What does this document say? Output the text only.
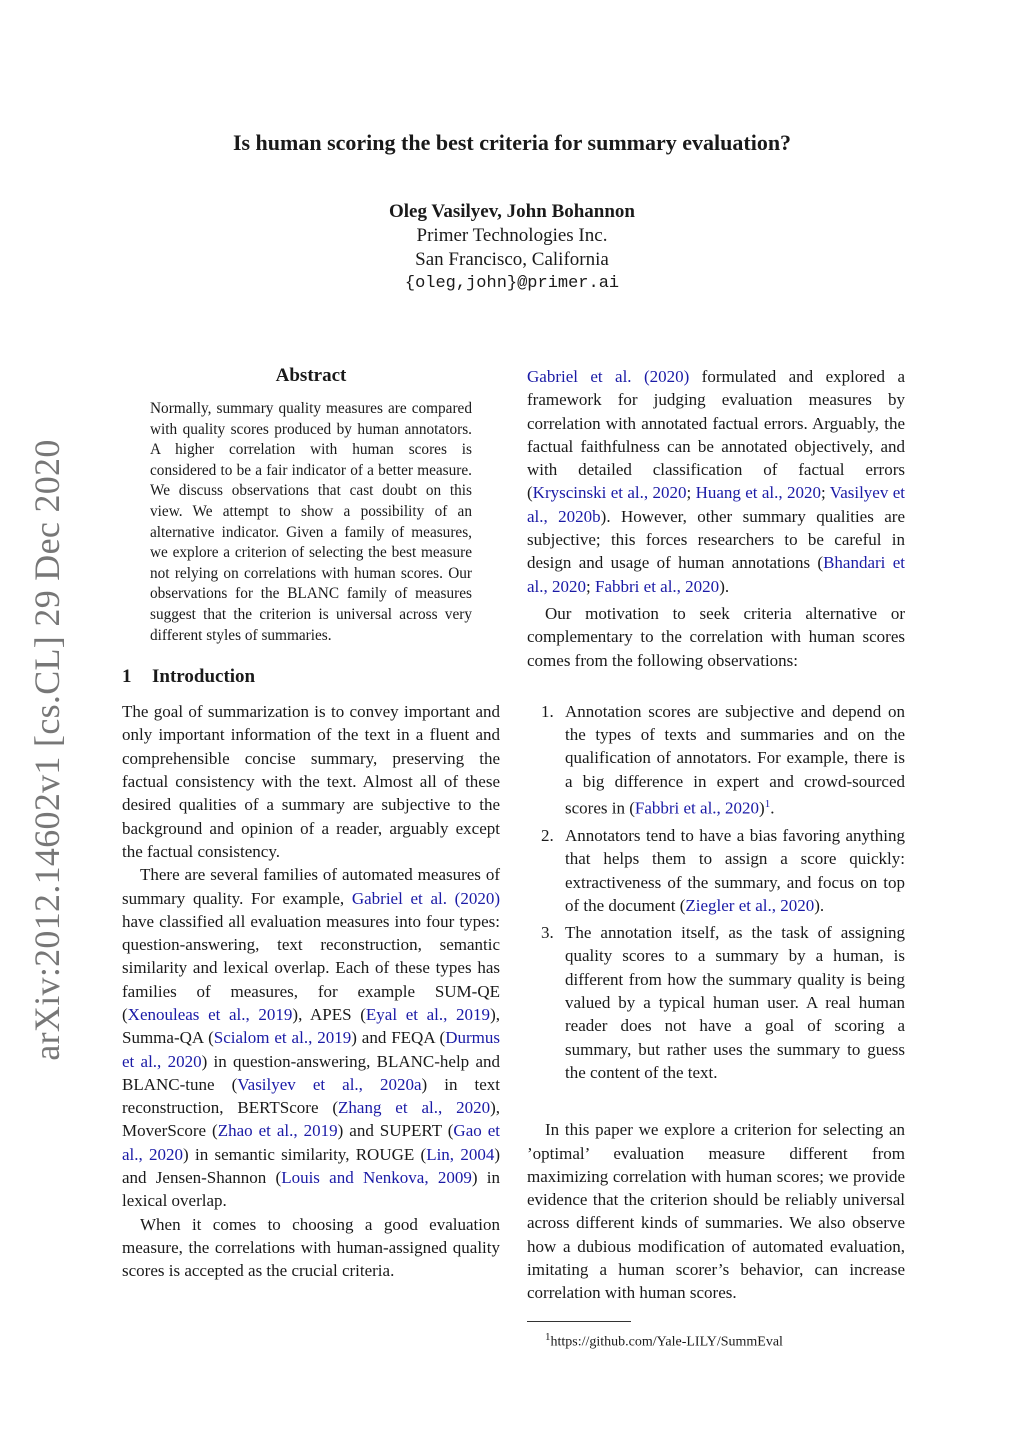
arXiv:2012.14602v1 [cs.CL] 29 Dec 2020
Is human scoring the best criteria for summary evaluation?
Oleg Vasilyev, John Bohannon
Primer Technologies Inc.
San Francisco, California
{oleg,john}@primer.ai
Abstract
Normally, summary quality measures are compared with quality scores produced by human annotators. A higher correlation with human scores is considered to be a fair indicator of a better measure. We discuss observations that cast doubt on this view. We attempt to show a possibility of an alternative indicator. Given a family of measures, we explore a criterion of selecting the best measure not relying on correlations with human scores. Our observations for the BLANC family of measures suggest that the criterion is universal across very different styles of summaries.
1 Introduction

The goal of summarization is to convey important and only important information of the text in a fluent and comprehensible concise summary, preserving the factual consistency with the text. Almost all of these desired qualities of a summary are subjective to the background and opinion of a reader, arguably except the factual consistency.

There are several families of automated measures of summary quality. For example, Gabriel et al. (2020) have classified all evaluation measures into four types: question-answering, text reconstruction, semantic similarity and lexical overlap. Each of these types has families of measures, for example SUM-QE (Xenouleas et al., 2019), APES (Eyal et al., 2019), Summa-QA (Scialom et al., 2019) and FEQA (Durmus et al., 2020) in question-answering, BLANC-help and BLANC-tune (Vasilyev et al., 2020a) in text reconstruction, BERTScore (Zhang et al., 2020), MoverScore (Zhao et al., 2019) and SUPERT (Gao et al., 2020) in semantic similarity, ROUGE (Lin, 2004) and Jensen-Shannon (Louis and Nenkova, 2009) in lexical overlap.

When it comes to choosing a good evaluation measure, the correlations with human-assigned quality scores is accepted as the crucial criteria.

Gabriel et al. (2020) formulated and explored a framework for judging evaluation measures by correlation with annotated factual errors. Arguably, the factual faithfulness can be annotated objectively, and with detailed classification of factual errors (Kryscinski et al., 2020; Huang et al., 2020; Vasilyev et al., 2020b). However, other summary qualities are subjective; this forces researchers to be careful in design and usage of human annotations (Bhandari et al., 2020; Fabbri et al., 2020).

Our motivation to seek criteria alternative or complementary to the correlation with human scores comes from the following observations:

1. Annotation scores are subjective and depend on the types of texts and summaries and on the qualification of annotators. For example, there is a big difference in expert and crowd-sourced scores in (Fabbri et al., 2020)$^1$.
2. Annotators tend to have a bias favoring anything that helps them to assign a score quickly: extractiveness of the summary, and focus on top of the document (Ziegler et al., 2020).
3. The annotation itself, as the task of assigning quality scores to a summary by a human, is different from how the summary quality is being valued by a typical human user. A real human reader does not have a goal of scoring a summary, but rather uses the summary to guess the content of the text.

In this paper we explore a criterion for selecting an ’optimal’ evaluation measure different from maximizing correlation with human scores; we provide evidence that the criterion should be reliably universal across different kinds of summaries. We also observe how a dubious modification of automated evaluation, imitating a human scorer’s behavior, can increase correlation with human scores.

$^1$https://github.com/Yale-LILY/SummEval
